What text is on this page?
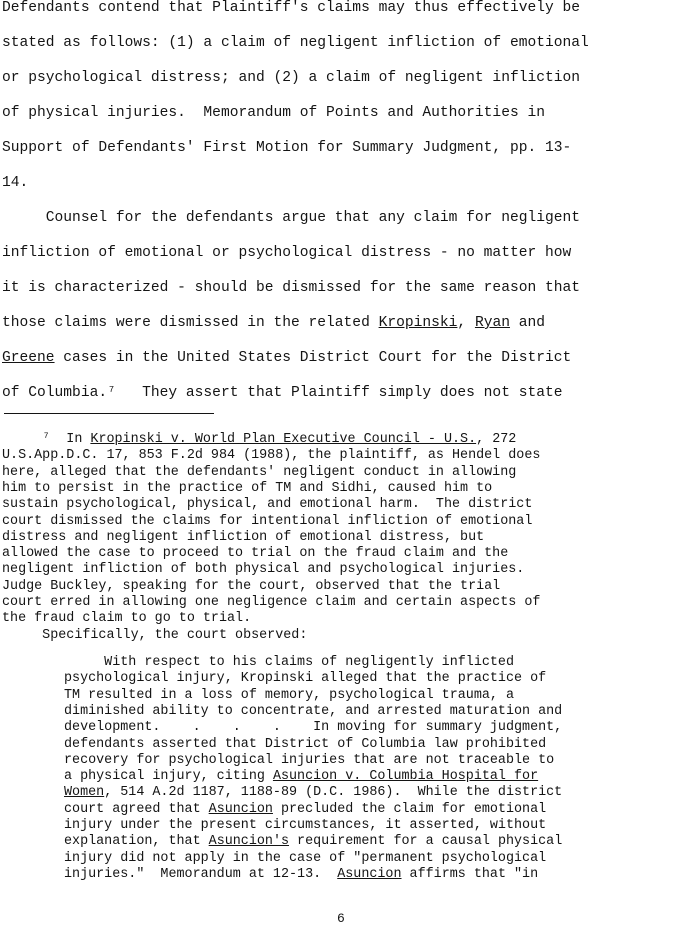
Defendants contend that Plaintiff's claims may thus effectively be
stated as follows: (1) a claim of negligent infliction of emotional
or psychological distress; and (2) a claim of negligent infliction
of physical injuries.  Memorandum of Points and Authorities in
Support of Defendants' First Motion for Summary Judgment, pp. 13-
14.
Counsel for the defendants argue that any claim for negligent
infliction of emotional or psychological distress - no matter how
it is characterized - should be dismissed for the same reason that
those claims were dismissed in the related Kropinski, Ryan and
Greene cases in the United States District Court for the District
of Columbia.⁷   They assert that Plaintiff simply does not state
⁷  In Kropinski v. World Plan Executive Council - U.S., 272
U.S.App.D.C. 17, 853 F.2d 984 (1988), the plaintiff, as Hendel does
here, alleged that the defendants' negligent conduct in allowing
him to persist in the practice of TM and Sidhi, caused him to
sustain psychological, physical, and emotional harm.  The district
court dismissed the claims for intentional infliction of emotional
distress and negligent infliction of emotional distress, but
allowed the case to proceed to trial on the fraud claim and the
negligent infliction of both physical and psychological injuries.
Judge Buckley, speaking for the court, observed that the trial
court erred in allowing one negligence claim and certain aspects of
the fraud claim to go to trial.
Specifically, the court observed:
With respect to his claims of negligently inflicted
psychological injury, Kropinski alleged that the practice of
TM resulted in a loss of memory, psychological trauma, a
diminished ability to concentrate, and arrested maturation and
development.    .    .    .    In moving for summary judgment,
defendants asserted that District of Columbia law prohibited
recovery for psychological injuries that are not traceable to
a physical injury, citing Asuncion v. Columbia Hospital for
Women, 514 A.2d 1187, 1188-89 (D.C. 1986).  While the district
court agreed that Asuncion precluded the claim for emotional
injury under the present circumstances, it asserted, without
explanation, that Asuncion's requirement for a causal physical
injury did not apply in the case of "permanent psychological
injuries."  Memorandum at 12-13.  Asuncion affirms that "in
6
